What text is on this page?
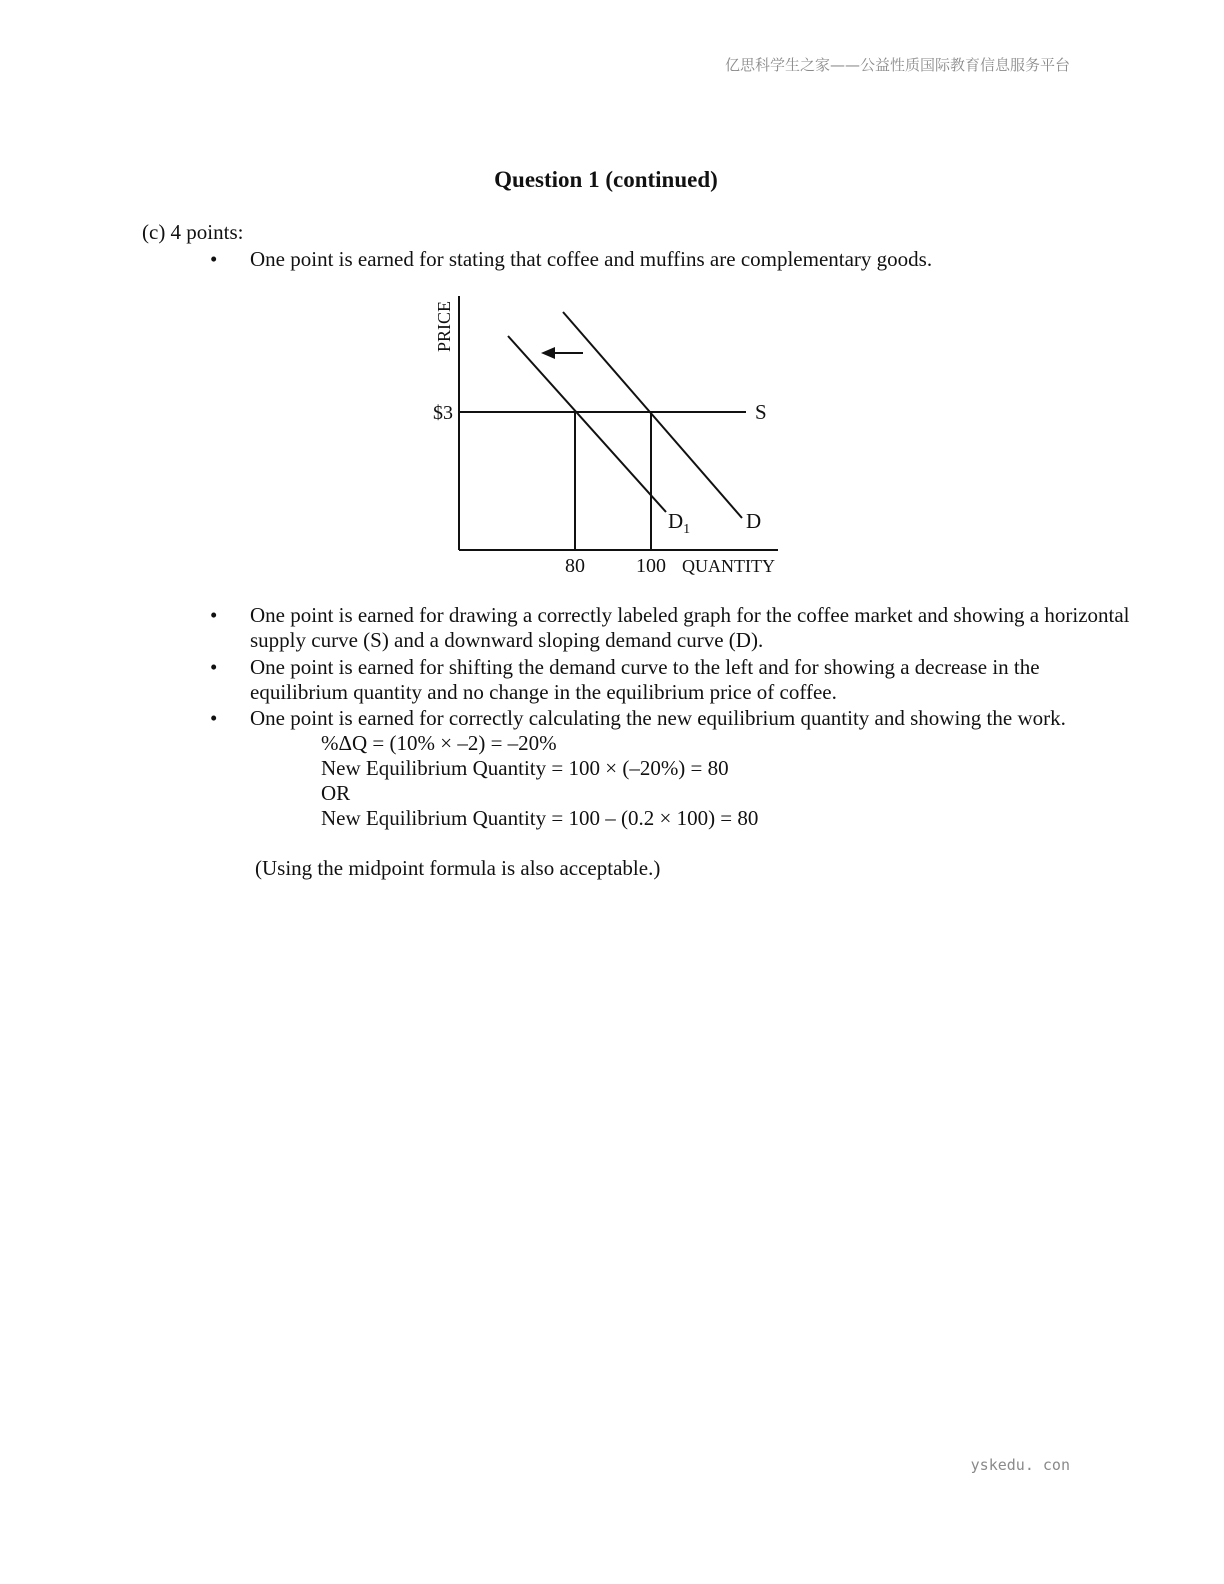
亿思科学生之家——公益性质国际教育信息服务平台
Question 1 (continued)
(c) 4 points:
•	One point is earned for stating that coffee and muffins are complementary goods.
PRICE
S
$3
D
$D_1$
80	100 QUANTITY
•	One point is earned for drawing a correctly labeled graph for the coffee market and showing a horizontal supply curve (S) and a downward sloping demand curve (D).
•	One point is earned for shifting the demand curve to the left and for showing a decrease in the equilibrium quantity and no change in the equilibrium price of coffee.
•	One point is earned for correctly calculating the new equilibrium quantity and showing the work.
%ΔQ = (10% × –2) = –20%
New Equilibrium Quantity = 100 × (–20%) = 80
OR
New Equilibrium Quantity = 100 – (0.2 × 100) = 80
(Using the midpoint formula is also acceptable.)
yskedu. con
